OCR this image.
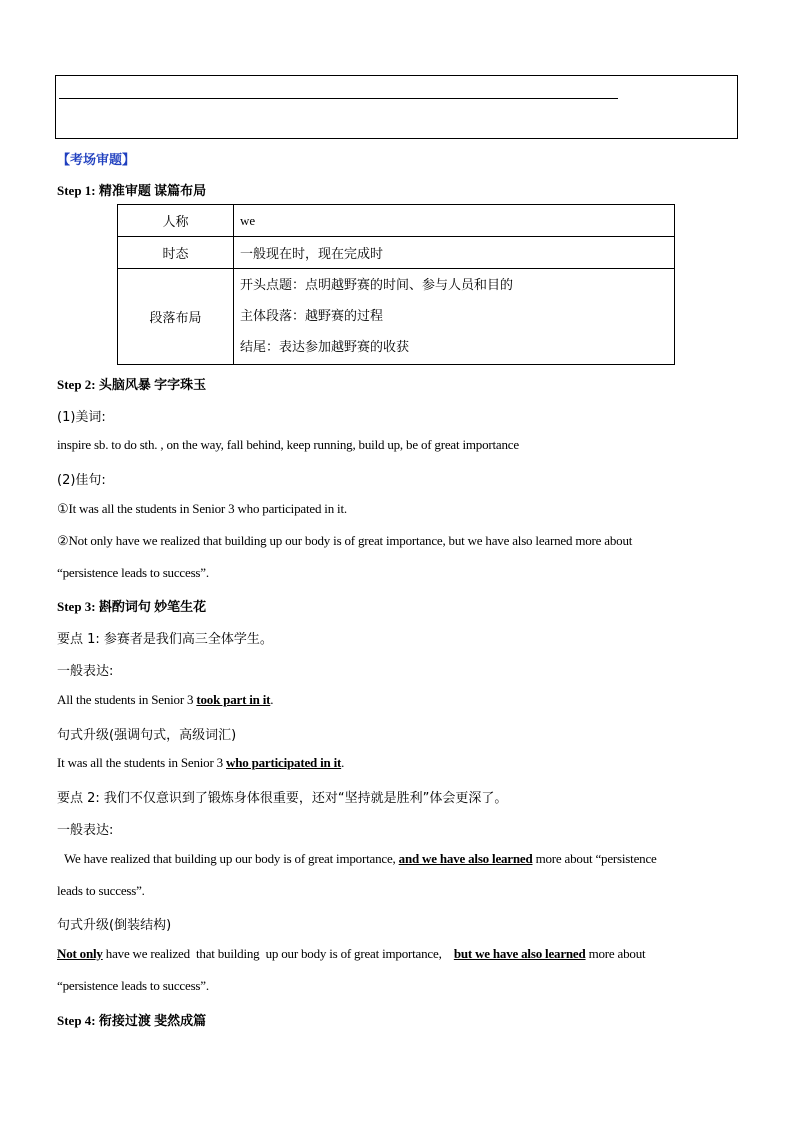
【考场审题】
Step 1: 精准审题 谋篇布局
人称	we
时态	一般现在时，现在完成时
段落布局	开头点题：点明越野赛的时间、参与人员和目的
主体段落：越野赛的过程
结尾：表达参加越野赛的收获
Step 2: 头脑风暴 字字珠玉
(1)美词:
inspire sb. to do sth. , on the way, fall behind, keep running, build up, be of great importance
(2)佳句:
①It was all the students in Senior 3 who participated in it.
②Not only have we realized that building up our body is of great importance, but we have also learned more about
“persistence leads to success”.
Step 3: 斟酌词句 妙笔生花
要点 1: 参赛者是我们高三全体学生。
一般表达:
All the students in Senior 3 took part in it.
句式升级(强调句式，高级词汇)
It was all the students in Senior 3 who participated in it.
要点 2: 我们不仅意识到了锻炼身体很重要，还对“坚持就是胜利”体会更深了。
一般表达:
We have realized that building up our body is of great importance, and we have also learned more about “persistence
leads to success”.
句式升级(倒装结构)
Not only have we realized  that building  up our body is of great importance,    but we have also learned more about
“persistence leads to success”.
Step 4: 衔接过渡 斐然成篇
